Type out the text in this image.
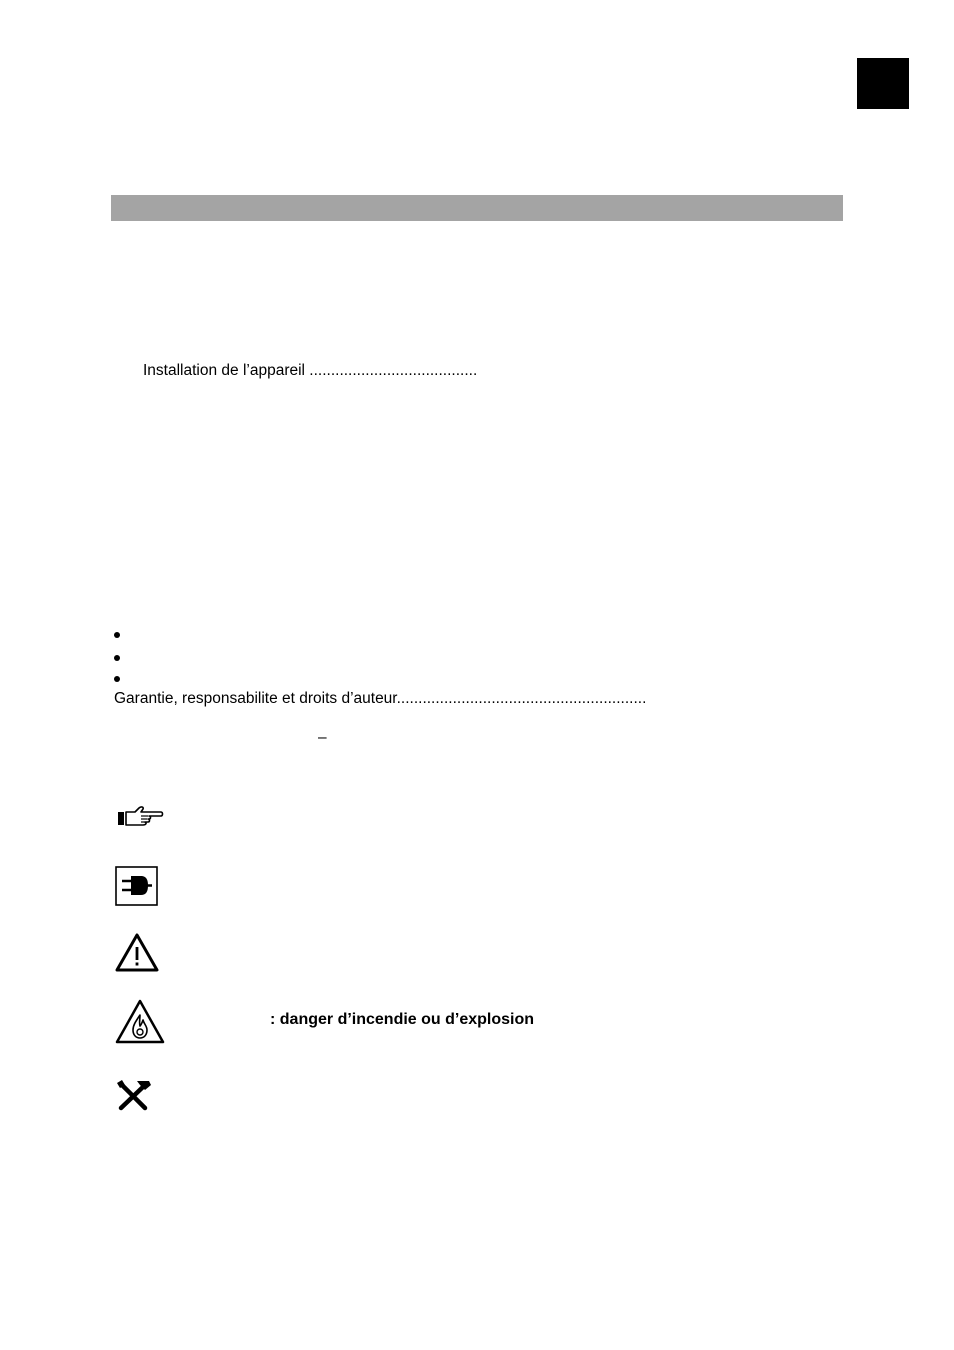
Installation de l’appareil .......................................
Garantie, responsabilite et droits d’auteur..........................................................
–
: danger d’incendie ou d’explosion
